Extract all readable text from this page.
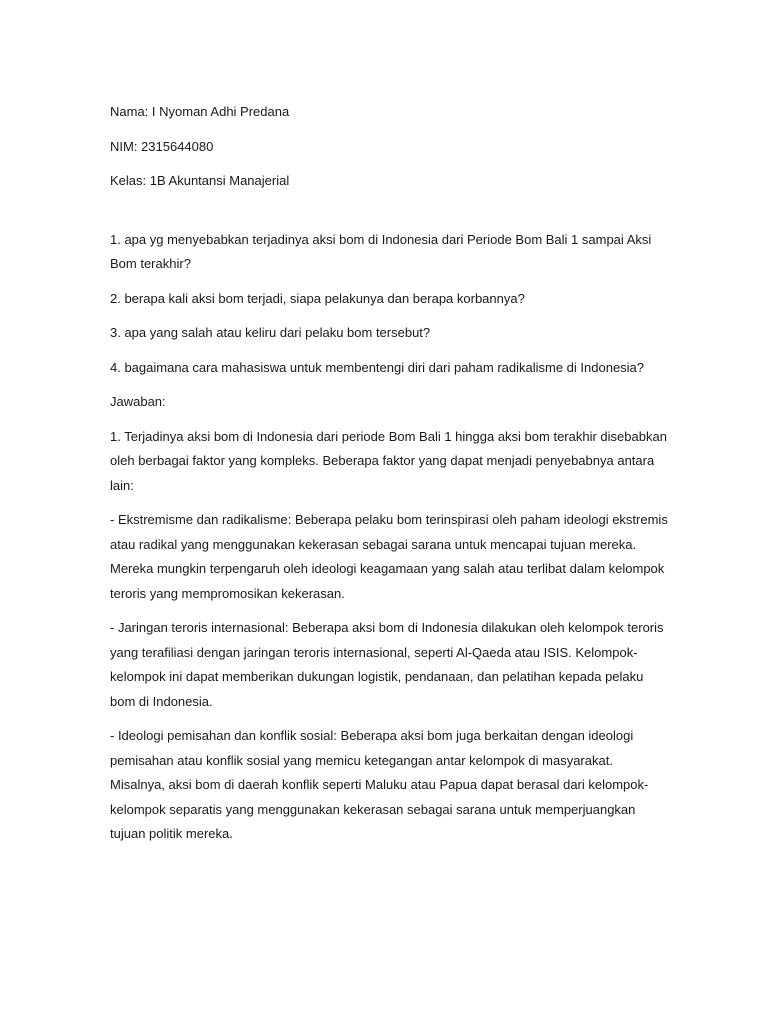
Nama: I Nyoman Adhi Predana

NIM: 2315644080

Kelas: 1B Akuntansi Manajerial

1. apa yg menyebabkan terjadinya aksi bom di Indonesia dari Periode Bom Bali 1 sampai Aksi Bom terakhir?

2. berapa kali aksi bom terjadi, siapa pelakunya dan berapa korbannya?

3. apa yang salah atau keliru dari pelaku bom tersebut?

4. bagaimana cara mahasiswa untuk membentengi diri dari paham radikalisme di Indonesia?

Jawaban:

1. Terjadinya aksi bom di Indonesia dari periode Bom Bali 1 hingga aksi bom terakhir disebabkan oleh berbagai faktor yang kompleks. Beberapa faktor yang dapat menjadi penyebabnya antara lain:

- Ekstremisme dan radikalisme: Beberapa pelaku bom terinspirasi oleh paham ideologi ekstremis atau radikal yang menggunakan kekerasan sebagai sarana untuk mencapai tujuan mereka. Mereka mungkin terpengaruh oleh ideologi keagamaan yang salah atau terlibat dalam kelompok teroris yang mempromosikan kekerasan.

- Jaringan teroris internasional: Beberapa aksi bom di Indonesia dilakukan oleh kelompok teroris yang terafiliasi dengan jaringan teroris internasional, seperti Al-Qaeda atau ISIS. Kelompok-kelompok ini dapat memberikan dukungan logistik, pendanaan, dan pelatihan kepada pelaku bom di Indonesia.

- Ideologi pemisahan dan konflik sosial: Beberapa aksi bom juga berkaitan dengan ideologi pemisahan atau konflik sosial yang memicu ketegangan antar kelompok di masyarakat. Misalnya, aksi bom di daerah konflik seperti Maluku atau Papua dapat berasal dari kelompok-kelompok separatis yang menggunakan kekerasan sebagai sarana untuk memperjuangkan tujuan politik mereka.
